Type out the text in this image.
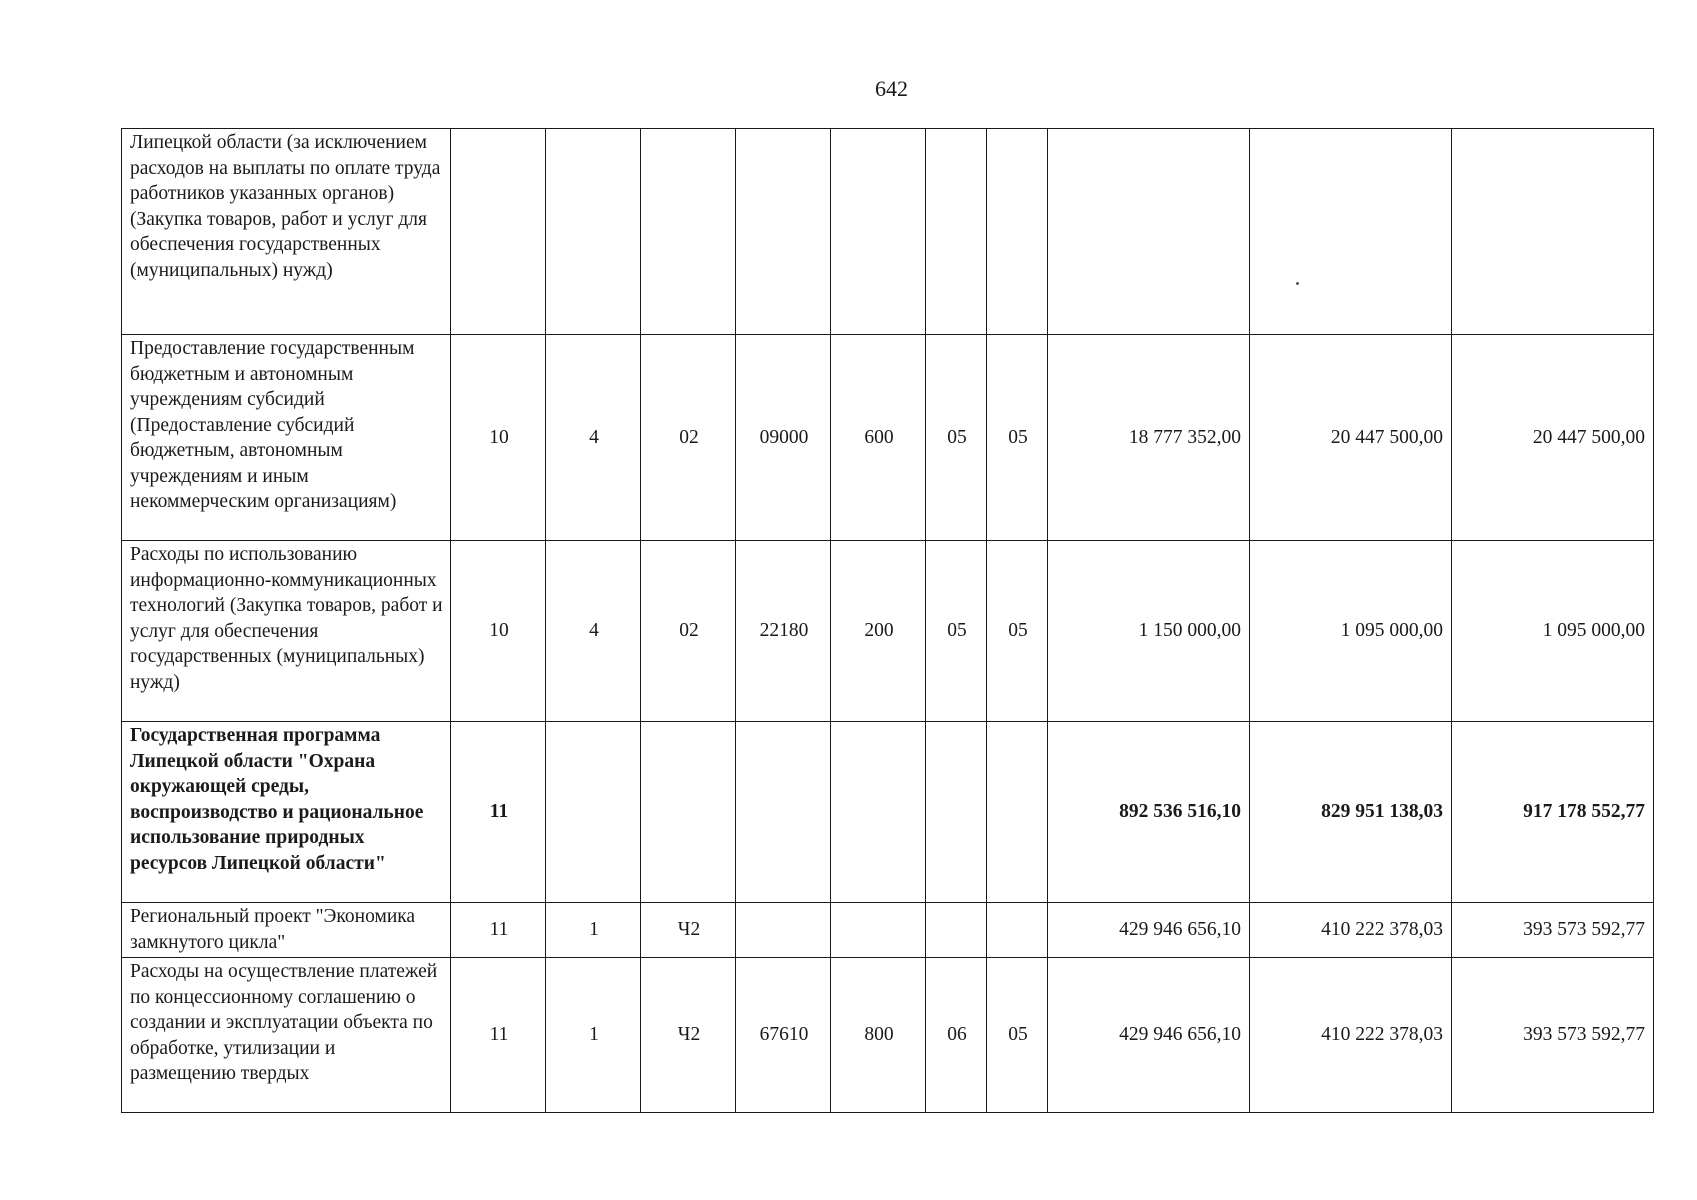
642
Липецкой области (за исключением расходов на выплаты по оплате труда работников указанных органов) (Закупка товаров, работ и услуг для обеспечения государственных (муниципальных) нужд)										
Предоставление государственным бюджетным и автономным учреждениям субсидий (Предоставление субсидий бюджетным, автономным учреждениям и иным некоммерческим организациям)	10	4	02	09000	600	05	05	18 777 352,00	20 447 500,00	20 447 500,00
Расходы по использованию информационно-коммуникационных технологий (Закупка товаров, работ и услуг для обеспечения государственных (муниципальных) нужд)	10	4	02	22180	200	05	05	1 150 000,00	1 095 000,00	1 095 000,00
Государственная программа Липецкой области "Охрана окружающей среды, воспроизводство и рациональное использование природных ресурсов Липецкой области"	11							892 536 516,10	829 951 138,03	917 178 552,77
Региональный проект "Экономика замкнутого цикла"	11	1	Ч2					429 946 656,10	410 222 378,03	393 573 592,77
Расходы на осуществление платежей по концессионному соглашению о создании и эксплуатации объекта по обработке, утилизации и размещению твердых	11	1	Ч2	67610	800	06	05	429 946 656,10	410 222 378,03	393 573 592,77
